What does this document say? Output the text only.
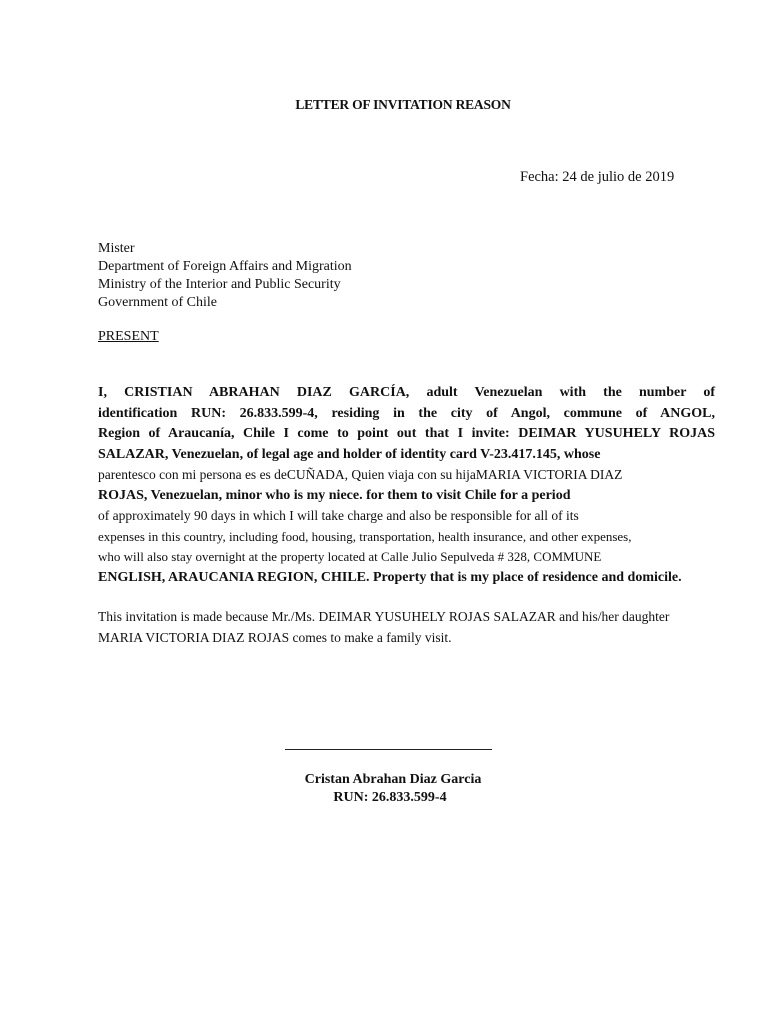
LETTER OF INVITATION REASON
Fecha: 24 de julio de 2019
Mister
Department of Foreign Affairs and Migration
Ministry of the Interior and Public Security
Government of Chile
PRESENT
I, CRISTIAN ABRAHAN DIAZ GARCÍA, adult Venezuelan with the number of
identification RUN: 26.833.599-4, residing in the city of Angol, commune of ANGOL,
Region of Araucanía, Chile I come to point out that I invite: DEIMAR YUSUHELY ROJAS
SALAZAR, Venezuelan, of legal age and holder of identity card V-23.417.145, whose
parentesco con mi persona es es deCUÑADA, Quien viaja con su hijaMARIA VICTORIA DIAZ
ROJAS, Venezuelan, minor who is my niece. for them to visit Chile for a period
of approximately 90 days in which I will take charge and also be responsible for all of its
expenses in this country, including food, housing, transportation, health insurance, and other expenses,
who will also stay overnight at the property located at Calle Julio Sepulveda # 328, COMMUNE
ENGLISH, ARAUCANIA REGION, CHILE. Property that is my place of residence and domicile.
This invitation is made because Mr./Ms. DEIMAR YUSUHELY ROJAS SALAZAR and his/her daughter MARIA VICTORIA DIAZ ROJAS comes to make a family visit.
Cristan Abrahan Diaz Garcia
RUN: 26.833.599-4
